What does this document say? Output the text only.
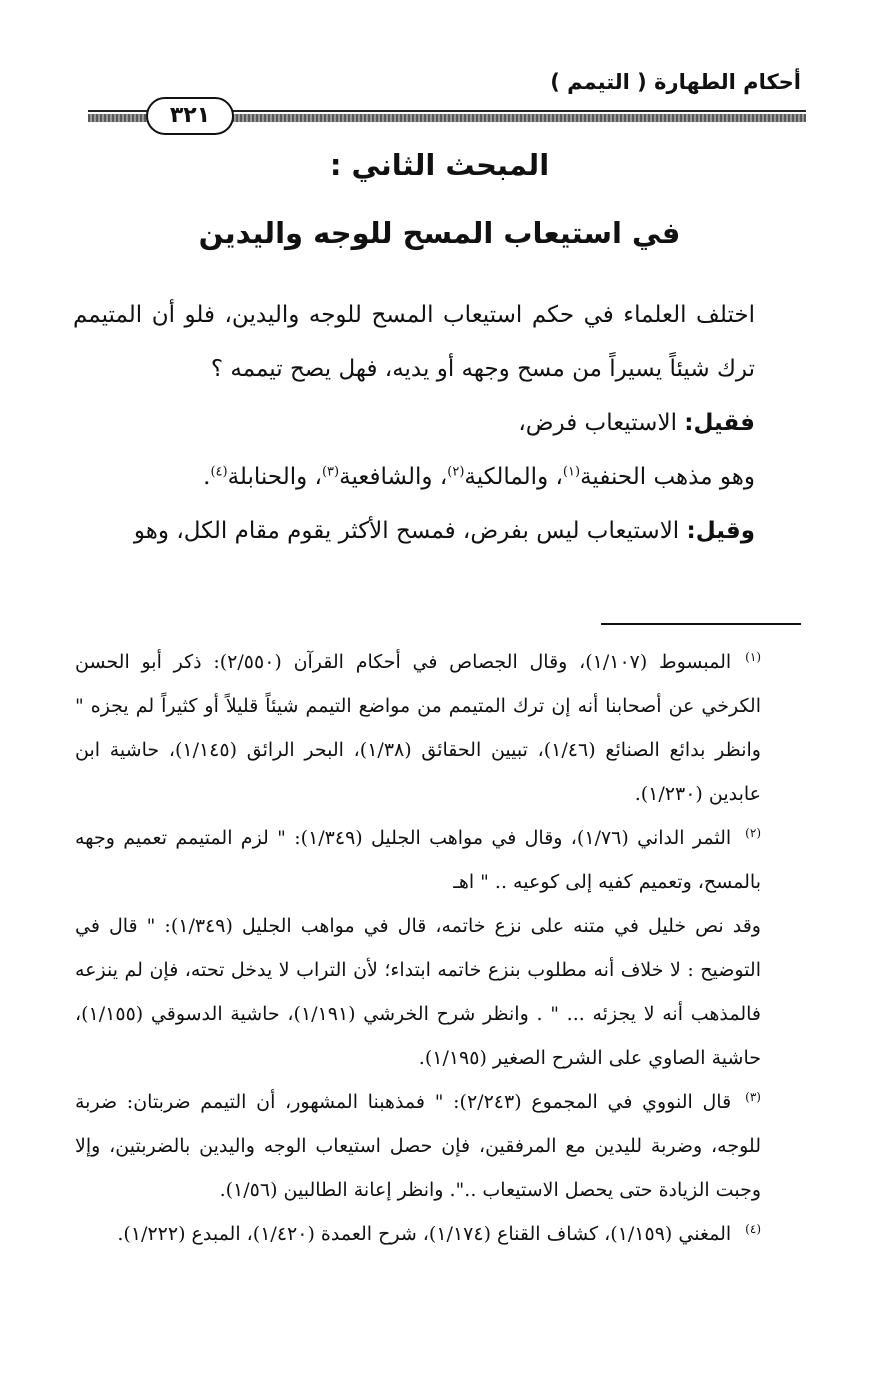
أحكام الطهارة ( التيمم )
٣٢١
المبحث الثاني :
في استيعاب المسح للوجه واليدين

اختلف العلماء في حكم استيعاب المسح للوجه واليدين، فلو أن المتيمم ترك شيئاً يسيراً من مسح وجهه أو يديه، فهل يصح تيممه ؟

فقيل: الاستيعاب فرض،

وهو مذهب الحنفية$^{(١)}$، والمالكية$^{(٢)}$، والشافعية$^{(٣)}$، والحنابلة$^{(٤)}$.

وقيل: الاستيعاب ليس بفرض، فمسح الأكثر يقوم مقام الكل، وهو

$^{(١)}$المبسوط (١/١٠٧)، وقال الجصاص في أحكام القرآن (٢/٥٥٠): ذكر أبو الحسن الكرخي عن أصحابنا أنه إن ترك المتيمم من مواضع التيمم شيئاً قليلاً أو كثيراً لم يجزه " وانظر بدائع الصنائع (١/٤٦)، تبيين الحقائق (١/٣٨)، البحر الرائق (١/١٤٥)، حاشية ابن عابدين (١/٢٣٠).

$^{(٢)}$الثمر الداني (١/٧٦)، وقال في مواهب الجليل (١/٣٤٩): " لزم المتيمم تعميم وجهه بالمسح، وتعميم كفيه إلى كوعيه .. " اهـ

وقد نص خليل في متنه على نزع خاتمه، قال في مواهب الجليل (١/٣٤٩): " قال في التوضيح : لا خلاف أنه مطلوب بنزع خاتمه ابتداء؛ لأن التراب لا يدخل تحته، فإن لم ينزعه فالمذهب أنه لا يجزئه ... " . وانظر شرح الخرشي (١/١٩١)، حاشية الدسوقي (١/١٥٥)، حاشية الصاوي على الشرح الصغير (١/١٩٥).

$^{(٣)}$قال النووي في المجموع (٢/٢٤٣): " فمذهبنا المشهور، أن التيمم ضربتان: ضربة للوجه، وضربة لليدين مع المرفقين، فإن حصل استيعاب الوجه واليدين بالضربتين، وإلا وجبت الزيادة حتى يحصل الاستيعاب ..". وانظر إعانة الطالبين (١/٥٦).

$^{(٤)}$المغني (١/١٥٩)، كشاف القناع (١/١٧٤)، شرح العمدة (١/٤٢٠)، المبدع (١/٢٢٢).
